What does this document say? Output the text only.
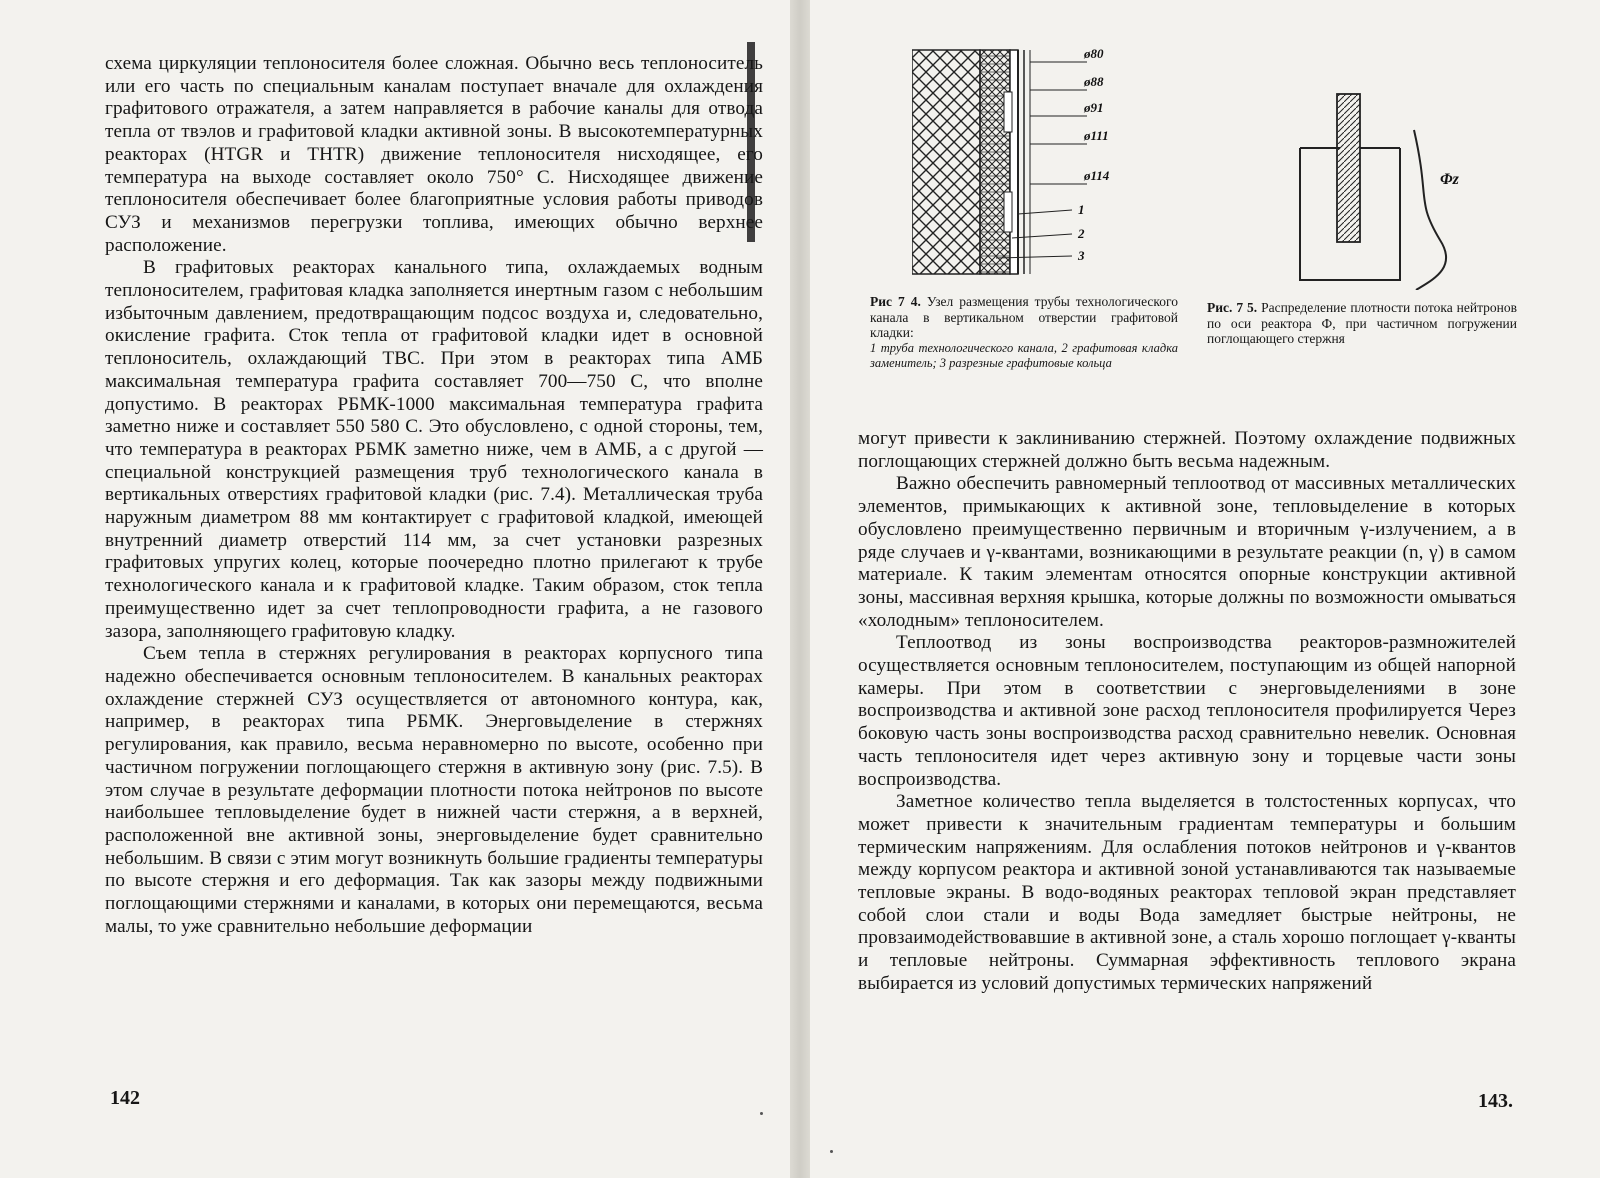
схема циркуляции теплоносителя более сложная. Обычно весь теплоноситель или его часть по специальным каналам поступает вначале для охлаждения графитового отражателя, а затем направляется в рабочие каналы для отвода тепла от твэлов и графитовой кладки активной зоны. В высокотемпературных реакторах (HTGR и THTR) движение теплоносителя нисходящее, его температура на выходе составляет около 750° С. Нисходящее движение теплоносителя обеспечивает более благоприятные условия работы приводов СУЗ и механизмов перегрузки топлива, имеющих обычно верхнее расположение.

В графитовых реакторах канального типа, охлаждаемых водным теплоносителем, графитовая кладка заполняется инертным газом с небольшим избыточным давлением, предотвращающим подсос воздуха и, следовательно, окисление графита. Сток тепла от графитовой кладки идет в основной теплоноситель, охлаждающий ТВС. При этом в реакторах типа АМБ максимальная температура графита составляет 700—750 С, что вполне допустимо. В реакторах РБМК-1000 максимальная температура графита заметно ниже и составляет 550 580 С. Это обусловлено, с одной стороны, тем, что температура в реакторах РБМК заметно ниже, чем в АМБ, а с другой — специальной конструкцией размещения труб технологического канала в вертикальных отверстиях графитовой кладки (рис. 7.4). Металлическая труба наружным диаметром 88 мм контактирует с графитовой кладкой, имеющей внутренний диаметр отверстий 114 мм, за счет установки разрезных графитовых упругих колец, которые поочередно плотно прилегают к трубе технологического канала и к графитовой кладке. Таким образом, сток тепла преимущественно идет за счет теплопроводности графита, а не газового зазора, заполняющего графитовую кладку.

Съем тепла в стержнях регулирования в реакторах корпусного типа надежно обеспечивается основным теплоносителем. В канальных реакторах охлаждение стержней СУЗ осуществляется от автономного контура, как, например, в реакторах типа РБМК. Энерговыделение в стержнях регулирования, как правило, весьма неравномерно по высоте, особенно при частичном погружении поглощающего стержня в активную зону (рис. 7.5). В этом случае в результате деформации плотности потока нейтронов по высоте наибольшее тепловыделение будет в нижней части стержня, а в верхней, расположенной вне активной зоны, энерговыделение будет сравнительно небольшим. В связи с этим могут возникнуть большие градиенты температуры по высоте стержня и его деформация. Так как зазоры между подвижными поглощающими стержнями и каналами, в которых они перемещаются, весьма малы, то уже сравнительно небольшие деформации

142
ø80
ø88
ø91
ø111
ø114
1
2
3
Рис 7 4. Узел размещения трубы технологического канала в вертикальном отверстии графитовой кладки:
1 труба технологического канала, 2 графитовая кладка заменитель; 3 разрезные графитовые кольца
Φz
Рис. 7 5. Распределение плотности потока нейтронов по оси реактора Ф, при частичном погружении поглощающего стержня

могут привести к заклиниванию стержней. Поэтому охлаждение подвижных поглощающих стержней должно быть весьма надежным.

Важно обеспечить равномерный теплоотвод от массивных металлических элементов, примыкающих к активной зоне, тепловыделение в которых обусловлено преимущественно первичным и вторичным γ-излучением, а в ряде случаев и γ-квантами, возникающими в результате реакции (n, γ) в самом материале. К таким элементам относятся опорные конструкции активной зоны, массивная верхняя крышка, которые должны по возможности омываться «холодным» теплоносителем.

Теплоотвод из зоны воспроизводства реакторов-размножителей осуществляется основным теплоносителем, поступающим из общей напорной камеры. При этом в соответствии с энерговыделениями в зоне воспроизводства и активной зоне расход теплоносителя профилируется Через боковую часть зоны воспроизводства расход сравнительно невелик. Основная часть теплоносителя идет через активную зону и торцевые части зоны воспроизводства.

Заметное количество тепла выделяется в толстостенных корпусах, что может привести к значительным градиентам температуры и большим термическим напряжениям. Для ослабления потоков нейтронов и γ-квантов между корпусом реактора и активной зоной устанавливаются так называемые тепловые экраны. В водо-водяных реакторах тепловой экран представляет собой слои стали и воды Вода замедляет быстрые нейтроны, не провзаимодействовавшие в активной зоне, а сталь хорошо поглощает γ-кванты и тепловые нейтроны. Суммарная эффективность теплового экрана выбирается из условий допустимых термических напряжений

143.
